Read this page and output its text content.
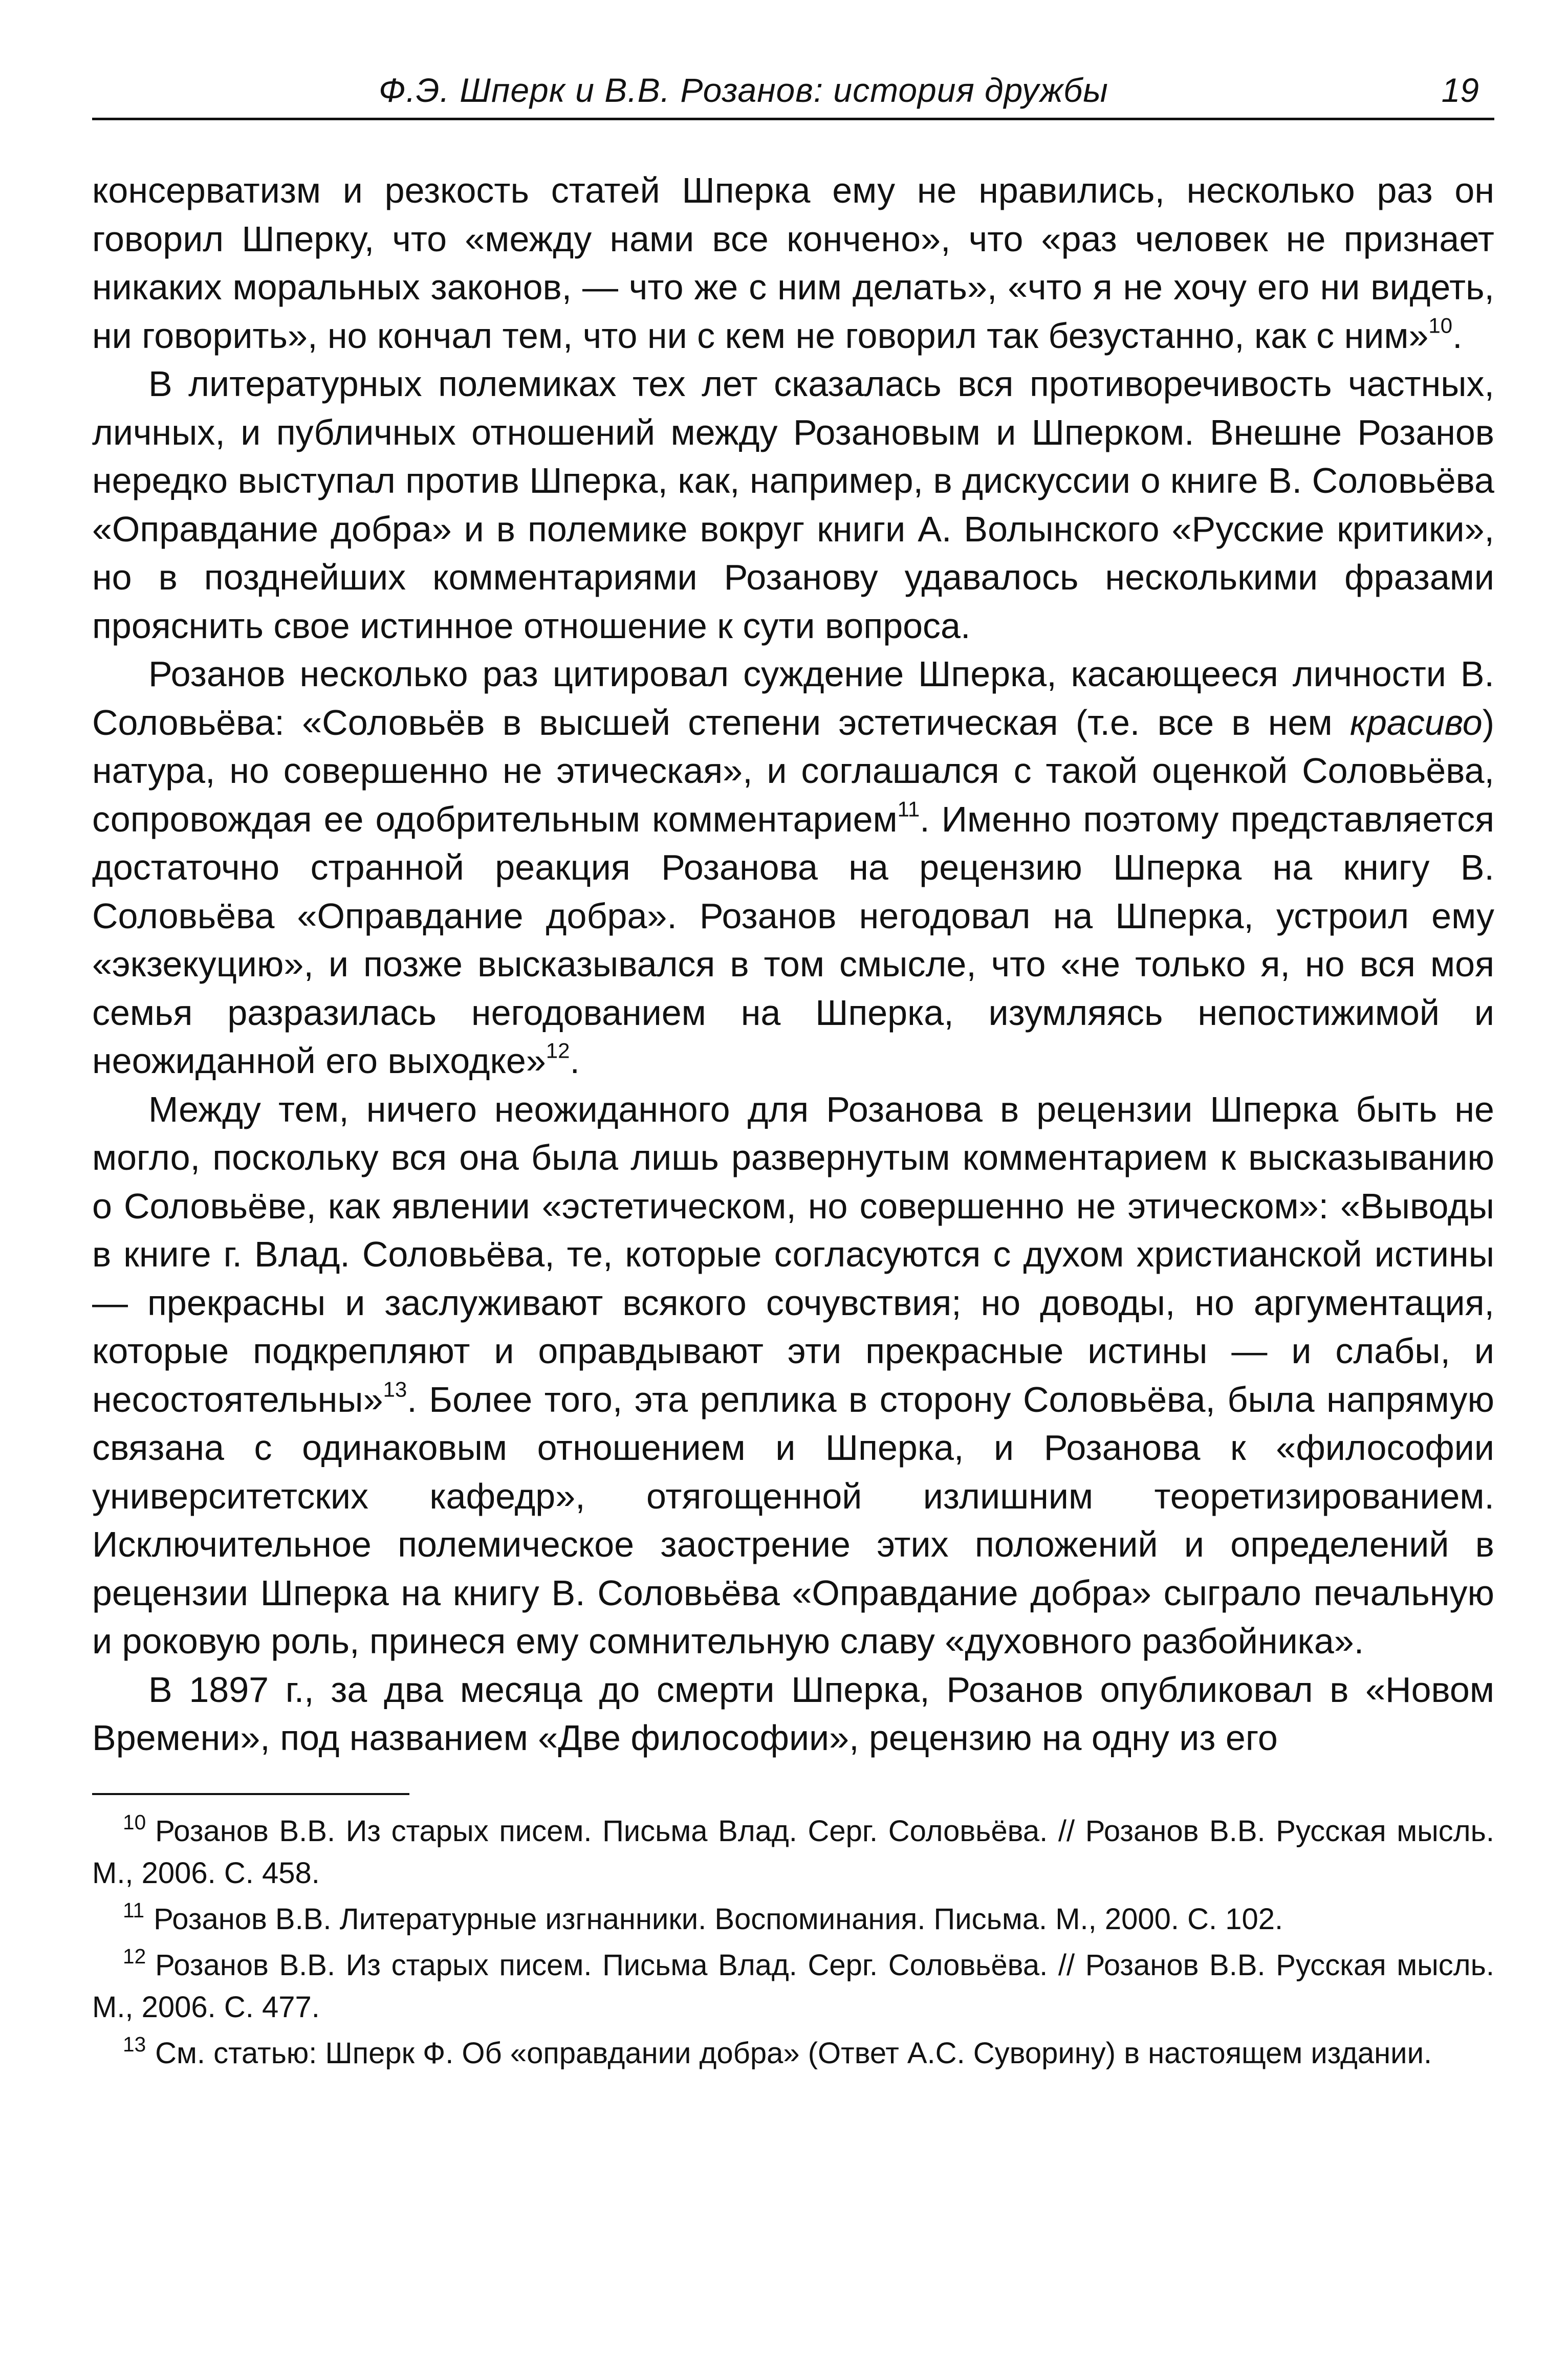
Ф.Э. Шперк и В.В. Розанов: история дружбы	19

консерватизм и резкость статей Шперка ему не нравились, несколько раз он говорил Шперку, что «между нами все кончено», что «раз человек не признает никаких моральных законов, — что же с ним делать», «что я не хочу его ни видеть, ни говорить», но кончал тем, что ни с кем не говорил так безустанно, как с ним»$^{10}$.

В литературных полемиках тех лет сказалась вся противоречивость частных, личных, и публичных отношений между Розановым и Шперком. Внешне Розанов нередко выступал против Шперка, как, например, в дискуссии о книге В. Соловьёва «Оправдание добра» и в полемике вокруг книги А. Волынского «Русские критики», но в позднейших комментариями Розанову удавалось несколькими фразами прояснить свое истинное отношение к сути вопроса.

Розанов несколько раз цитировал суждение Шперка, касающееся личности В. Соловьёва: «Соловьёв в высшей степени эстетическая (т.е. все в нем красиво) натура, но совершенно не этическая», и соглашался с такой оценкой Соловьёва, сопровождая ее одобрительным комментарием$^{11}$. Именно поэтому представляется достаточно странной реакция Розанова на рецензию Шперка на книгу В. Соловьёва «Оправдание добра». Розанов негодовал на Шперка, устроил ему «экзекуцию», и позже высказывался в том смысле, что «не только я, но вся моя семья разразилась негодованием на Шперка, изумляясь непостижимой и неожиданной его выходке»$^{12}$.

Между тем, ничего неожиданного для Розанова в рецензии Шперка быть не могло, поскольку вся она была лишь развернутым комментарием к высказыванию о Соловьёве, как явлении «эстетическом, но совершенно не этическом»: «Выводы в книге г. Влад. Соловьёва, те, которые согласуются с духом христианской истины — прекрасны и заслуживают всякого сочувствия; но доводы, но аргументация, которые подкрепляют и оправдывают эти прекрасные истины — и слабы, и несостоятельны»$^{13}$. Более того, эта реплика в сторону Соловьёва, была напрямую связана с одинаковым отношением и Шперка, и Розанова к «философии университетских кафедр», отягощенной излишним теоретизированием. Исключительное полемическое заострение этих положений и определений в рецензии Шперка на книгу В. Соловьёва «Оправдание добра» сыграло печальную и роковую роль, принеся ему сомнительную славу «духовного разбойника».

В 1897 г., за два месяца до смерти Шперка, Розанов опубликовал в «Новом Времени», под названием «Две философии», рецензию на одну из его

$^{10}$ Розанов В.В. Из старых писем. Письма Влад. Серг. Соловьёва. // Розанов В.В. Русская мысль. М., 2006. С. 458.

$^{11}$ Розанов В.В. Литературные изгнанники. Воспоминания. Письма. М., 2000. С. 102.

$^{12}$ Розанов В.В. Из старых писем. Письма Влад. Серг. Соловьёва. // Розанов В.В. Русская мысль. М., 2006. С. 477.

$^{13}$ См. статью: Шперк Ф. Об «оправдании добра» (Ответ А.С. Суворину) в настоящем издании.
